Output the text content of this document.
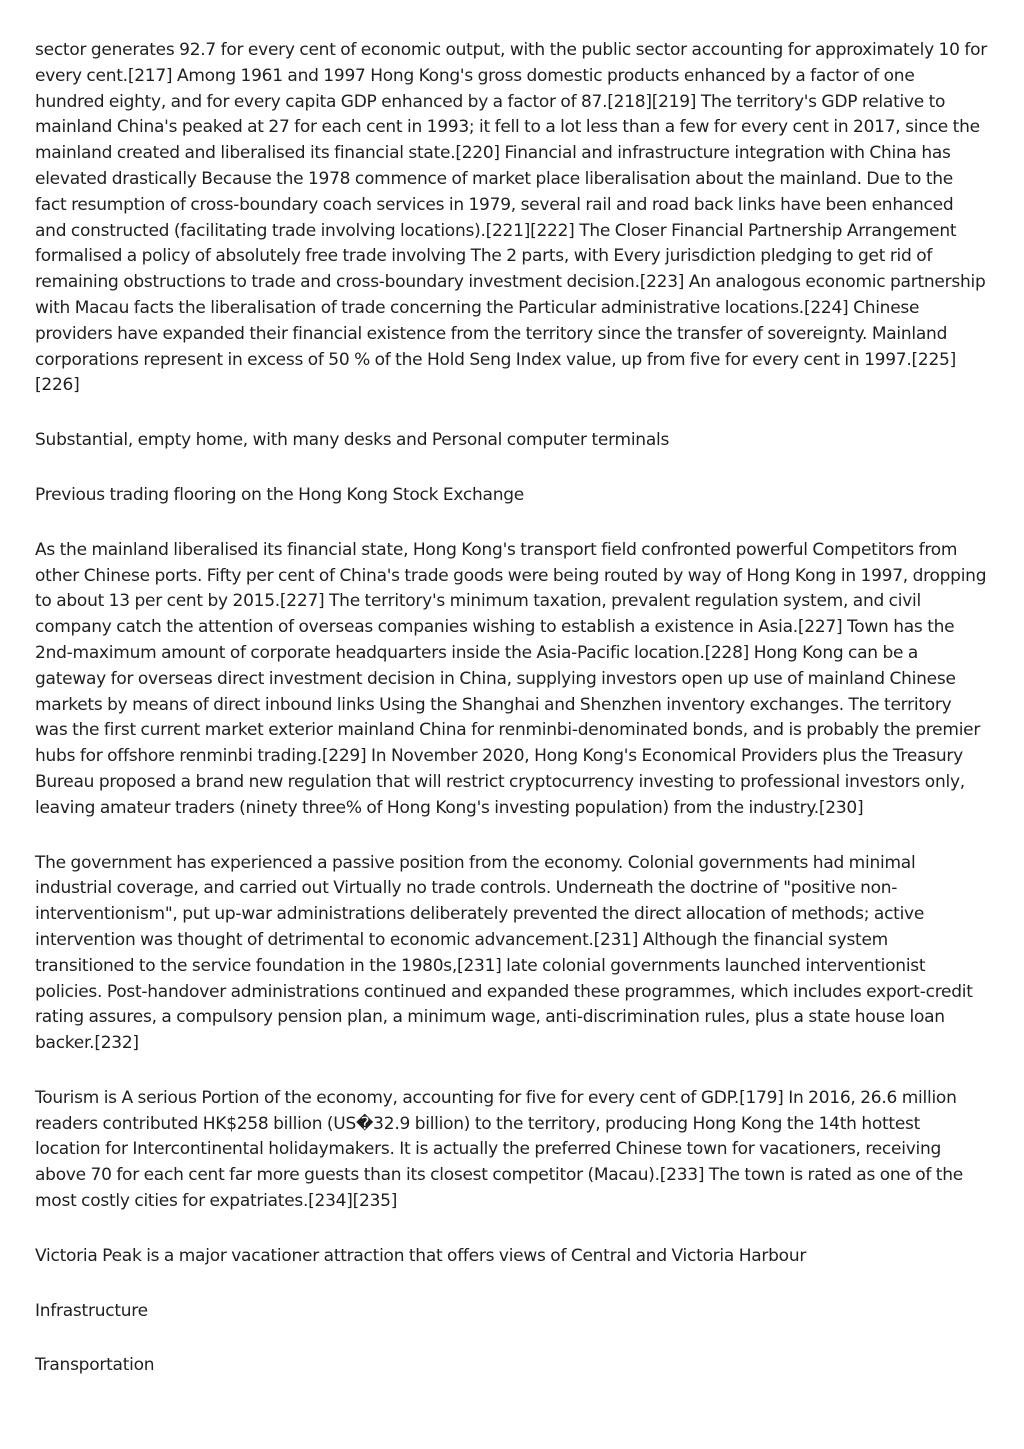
sector generates 92.7 for every cent of economic output, with the public sector accounting for approximately 10 for every cent.[217] Among 1961 and 1997 Hong Kong's gross domestic products enhanced by a factor of one hundred eighty, and for every capita GDP enhanced by a factor of 87.[218][219] The territory's GDP relative to mainland China's peaked at 27 for each cent in 1993; it fell to a lot less than a few for every cent in 2017, since the mainland created and liberalised its financial state.[220] Financial and infrastructure integration with China has elevated drastically Because the 1978 commence of market place liberalisation about the mainland. Due to the fact resumption of cross-boundary coach services in 1979, several rail and road back links have been enhanced and constructed (facilitating trade involving locations).[221][222] The Closer Financial Partnership Arrangement formalised a policy of absolutely free trade involving The 2 parts, with Every jurisdiction pledging to get rid of remaining obstructions to trade and cross-boundary investment decision.[223] An analogous economic partnership with Macau facts the liberalisation of trade concerning the Particular administrative locations.[224] Chinese providers have expanded their financial existence from the territory since the transfer of sovereignty. Mainland corporations represent in excess of 50 % of the Hold Seng Index value, up from five for every cent in 1997.[225][226]

Substantial, empty home, with many desks and Personal computer terminals

Previous trading flooring on the Hong Kong Stock Exchange

As the mainland liberalised its financial state, Hong Kong's transport field confronted powerful Competitors from other Chinese ports. Fifty per cent of China's trade goods were being routed by way of Hong Kong in 1997, dropping to about 13 per cent by 2015.[227] The territory's minimum taxation, prevalent regulation system, and civil company catch the attention of overseas companies wishing to establish a existence in Asia.[227] Town has the 2nd-maximum amount of corporate headquarters inside the Asia-Pacific location.[228] Hong Kong can be a gateway for overseas direct investment decision in China, supplying investors open up use of mainland Chinese markets by means of direct inbound links Using the Shanghai and Shenzhen inventory exchanges. The territory was the first current market exterior mainland China for renminbi-denominated bonds, and is probably the premier hubs for offshore renminbi trading.[229] In November 2020, Hong Kong's Economical Providers plus the Treasury Bureau proposed a brand new regulation that will restrict cryptocurrency investing to professional investors only, leaving amateur traders (ninety three% of Hong Kong's investing population) from the industry.[230]

The government has experienced a passive position from the economy. Colonial governments had minimal industrial coverage, and carried out Virtually no trade controls. Underneath the doctrine of "positive non-interventionism", put up-war administrations deliberately prevented the direct allocation of methods; active intervention was thought of detrimental to economic advancement.[231] Although the financial system transitioned to the service foundation in the 1980s,[231] late colonial governments launched interventionist policies. Post-handover administrations continued and expanded these programmes, which includes export-credit rating assures, a compulsory pension plan, a minimum wage, anti-discrimination rules, plus a state house loan backer.[232]

Tourism is A serious Portion of the economy, accounting for five for every cent of GDP.[179] In 2016, 26.6 million readers contributed HK$258 billion (US�32.9 billion) to the territory, producing Hong Kong the 14th hottest location for Intercontinental holidaymakers. It is actually the preferred Chinese town for vacationers, receiving above 70 for each cent far more guests than its closest competitor (Macau).[233] The town is rated as one of the most costly cities for expatriates.[234][235]

Victoria Peak is a major vacationer attraction that offers views of Central and Victoria Harbour

Infrastructure

Transportation
